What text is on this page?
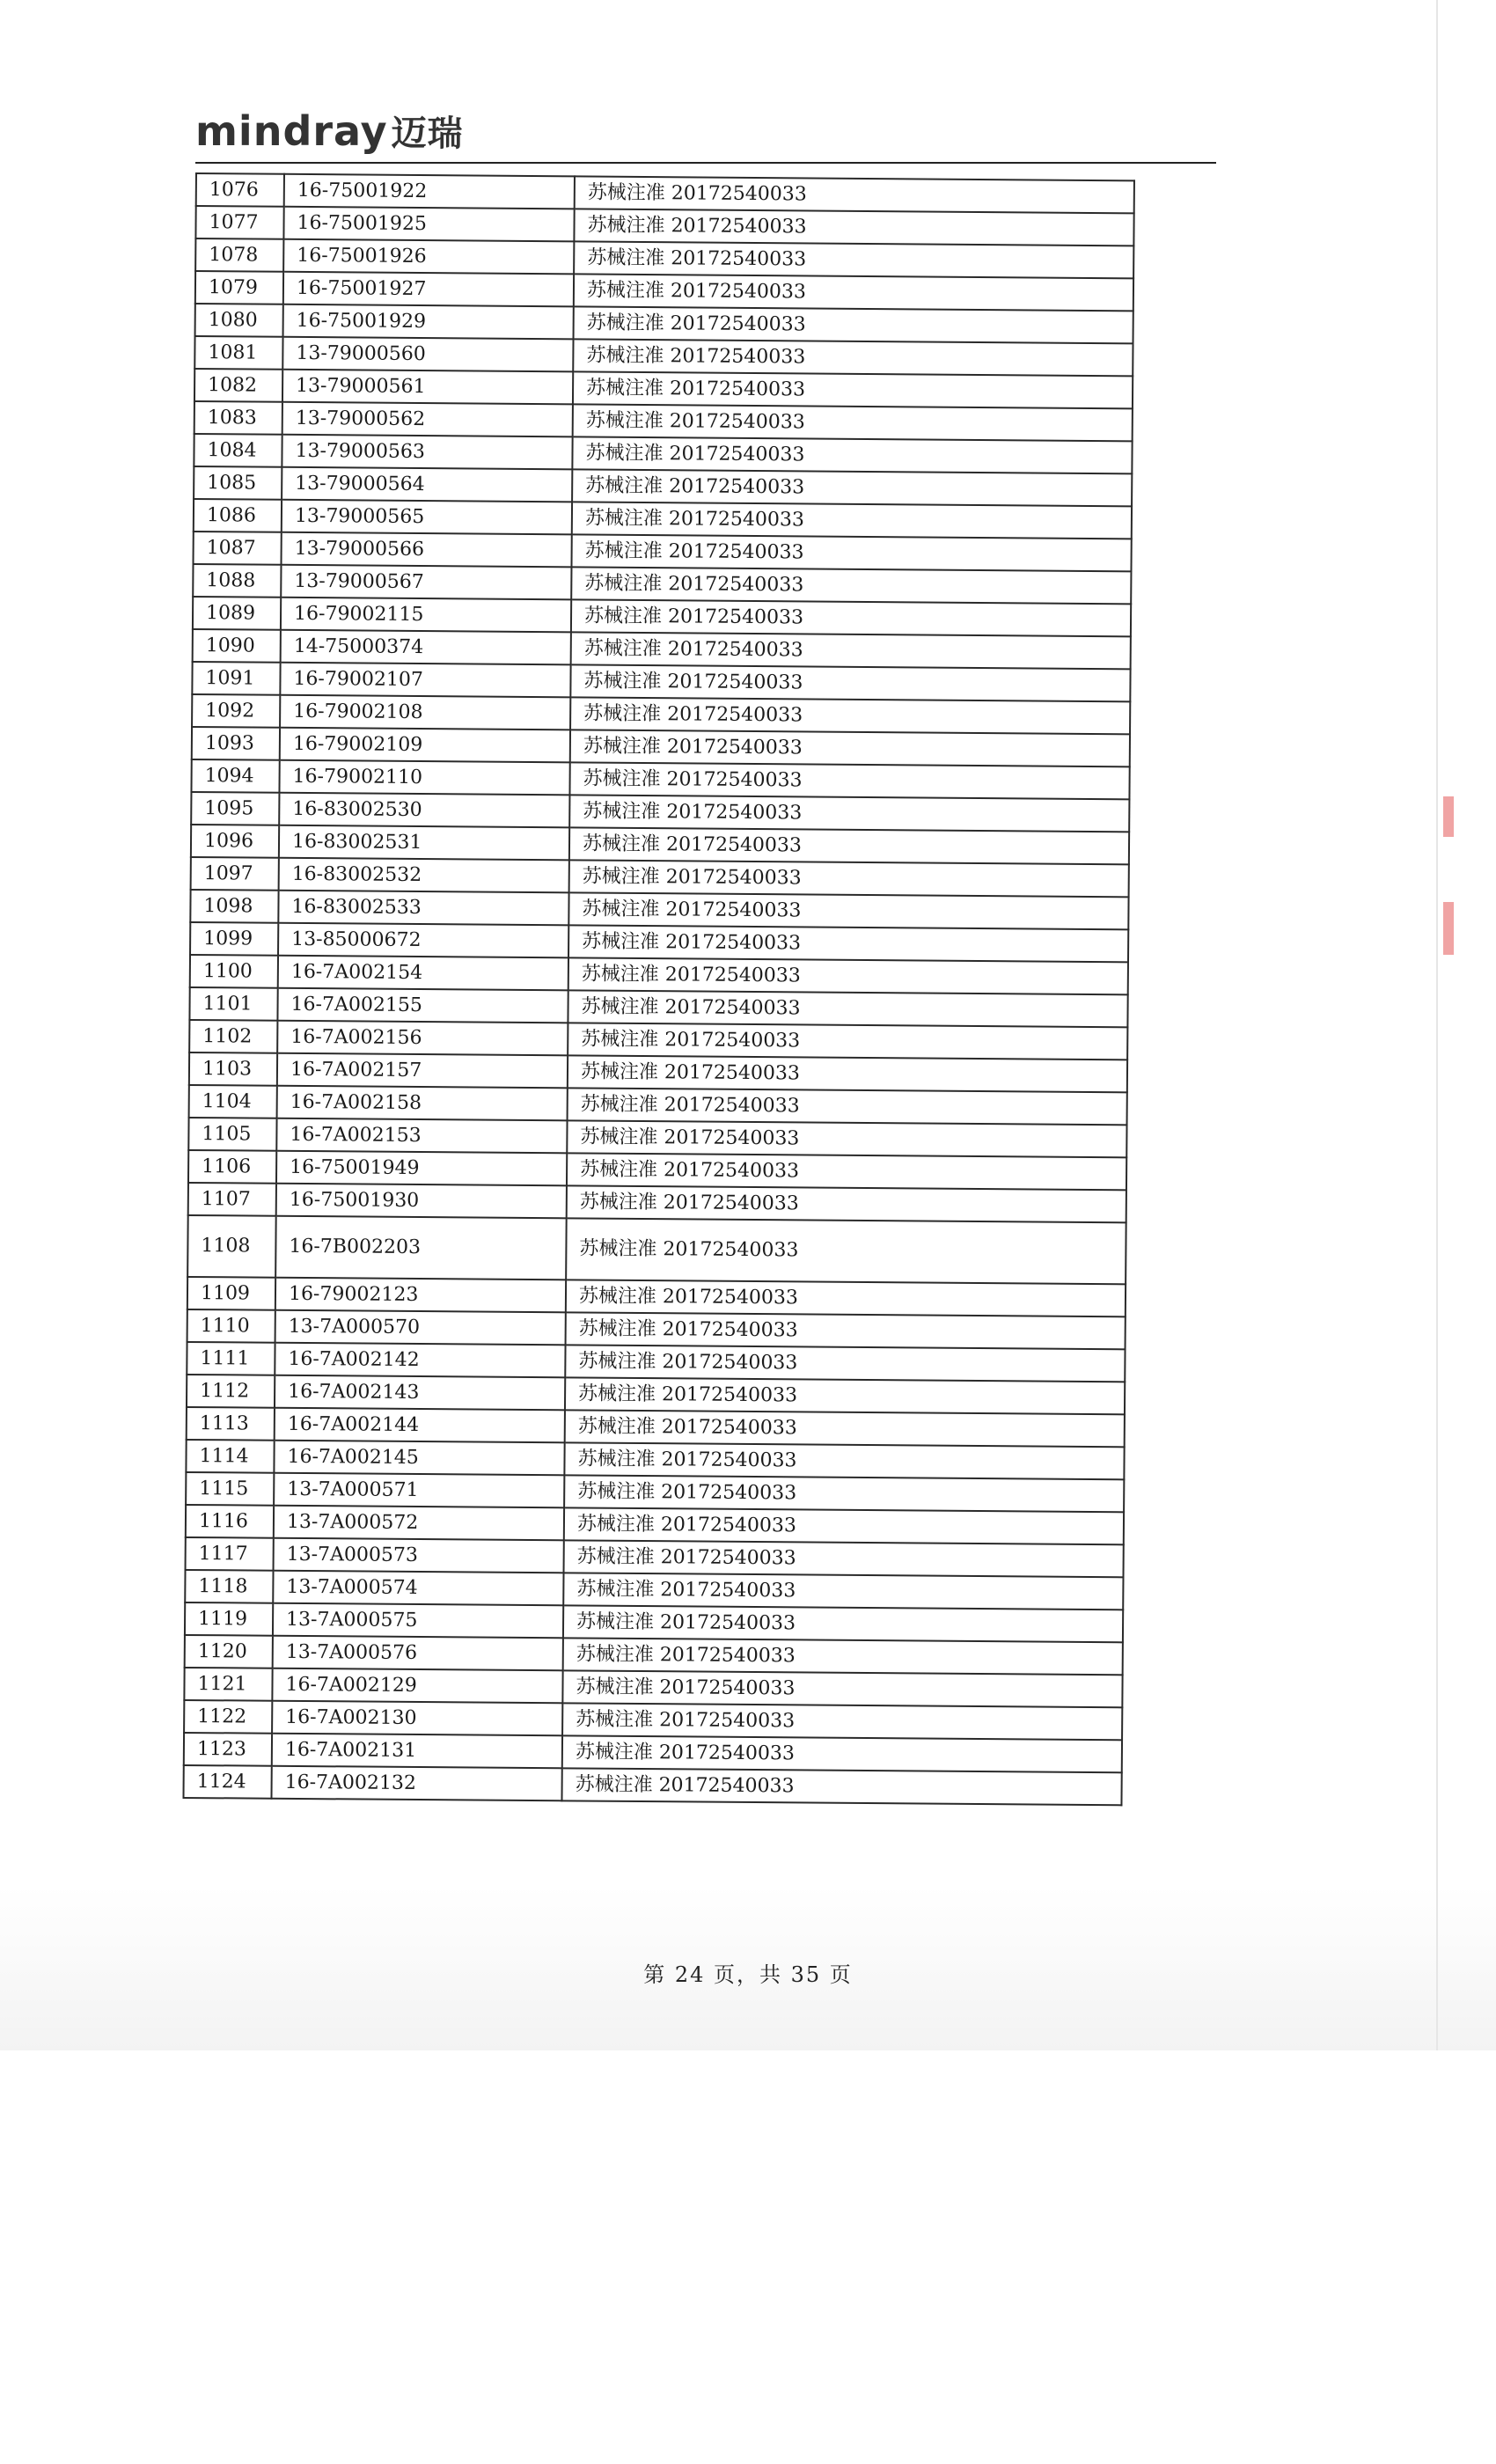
mindray 迈瑞
1076	16-75001922	苏械注准 20172540033
1077	16-75001925	苏械注准 20172540033
1078	16-75001926	苏械注准 20172540033
1079	16-75001927	苏械注准 20172540033
1080	16-75001929	苏械注准 20172540033
1081	13-79000560	苏械注准 20172540033
1082	13-79000561	苏械注准 20172540033
1083	13-79000562	苏械注准 20172540033
1084	13-79000563	苏械注准 20172540033
1085	13-79000564	苏械注准 20172540033
1086	13-79000565	苏械注准 20172540033
1087	13-79000566	苏械注准 20172540033
1088	13-79000567	苏械注准 20172540033
1089	16-79002115	苏械注准 20172540033
1090	14-75000374	苏械注准 20172540033
1091	16-79002107	苏械注准 20172540033
1092	16-79002108	苏械注准 20172540033
1093	16-79002109	苏械注准 20172540033
1094	16-79002110	苏械注准 20172540033
1095	16-83002530	苏械注准 20172540033
1096	16-83002531	苏械注准 20172540033
1097	16-83002532	苏械注准 20172540033
1098	16-83002533	苏械注准 20172540033
1099	13-85000672	苏械注准 20172540033
1100	16-7A002154	苏械注准 20172540033
1101	16-7A002155	苏械注准 20172540033
1102	16-7A002156	苏械注准 20172540033
1103	16-7A002157	苏械注准 20172540033
1104	16-7A002158	苏械注准 20172540033
1105	16-7A002153	苏械注准 20172540033
1106	16-75001949	苏械注准 20172540033
1107	16-75001930	苏械注准 20172540033
1108	16-7B002203	苏械注准 20172540033
1109	16-79002123	苏械注准 20172540033
1110	13-7A000570	苏械注准 20172540033
1111	16-7A002142	苏械注准 20172540033
1112	16-7A002143	苏械注准 20172540033
1113	16-7A002144	苏械注准 20172540033
1114	16-7A002145	苏械注准 20172540033
1115	13-7A000571	苏械注准 20172540033
1116	13-7A000572	苏械注准 20172540033
1117	13-7A000573	苏械注准 20172540033
1118	13-7A000574	苏械注准 20172540033
1119	13-7A000575	苏械注准 20172540033
1120	13-7A000576	苏械注准 20172540033
1121	16-7A002129	苏械注准 20172540033
1122	16-7A002130	苏械注准 20172540033
1123	16-7A002131	苏械注准 20172540033
1124	16-7A002132	苏械注准 20172540033
第 24 页，共 35 页
